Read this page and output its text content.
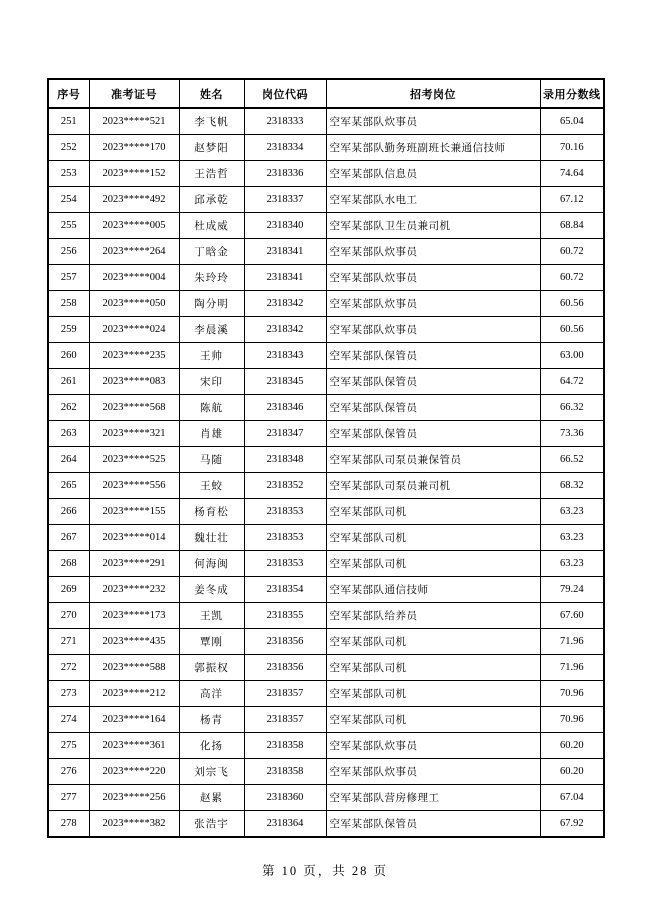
序号	准考证号	姓名	岗位代码	招考岗位	录用分数线
251	2023*****521	李飞帆	2318333	空军某部队炊事员	65.04
252	2023*****170	赵梦阳	2318334	空军某部队勤务班副班长兼通信技师	70.16
253	2023*****152	王浩哲	2318336	空军某部队信息员	74.64
254	2023*****492	邱承乾	2318337	空军某部队水电工	67.12
255	2023*****005	杜成威	2318340	空军某部队卫生员兼司机	68.84
256	2023*****264	丁晗金	2318341	空军某部队炊事员	60.72
257	2023*****004	朱玲玲	2318341	空军某部队炊事员	60.72
258	2023*****050	陶分明	2318342	空军某部队炊事员	60.56
259	2023*****024	李晨溪	2318342	空军某部队炊事员	60.56
260	2023*****235	王帅	2318343	空军某部队保管员	63.00
261	2023*****083	宋印	2318345	空军某部队保管员	64.72
262	2023*****568	陈航	2318346	空军某部队保管员	66.32
263	2023*****321	肖雄	2318347	空军某部队保管员	73.36
264	2023*****525	马随	2318348	空军某部队司泵员兼保管员	66.52
265	2023*****556	王蛟	2318352	空军某部队司泵员兼司机	68.32
266	2023*****155	杨育松	2318353	空军某部队司机	63.23
267	2023*****014	魏壮壮	2318353	空军某部队司机	63.23
268	2023*****291	何海闽	2318353	空军某部队司机	63.23
269	2023*****232	姜冬成	2318354	空军某部队通信技师	79.24
270	2023*****173	王凯	2318355	空军某部队给养员	67.60
271	2023*****435	覃刚	2318356	空军某部队司机	71.96
272	2023*****588	郭振权	2318356	空军某部队司机	71.96
273	2023*****212	高洋	2318357	空军某部队司机	70.96
274	2023*****164	杨青	2318357	空军某部队司机	70.96
275	2023*****361	化扬	2318358	空军某部队炊事员	60.20
276	2023*****220	刘宗飞	2318358	空军某部队炊事员	60.20
277	2023*****256	赵累	2318360	空军某部队营房修理工	67.04
278	2023*****382	张浩宇	2318364	空军某部队保管员	67.92
第 10 页，共 28 页
